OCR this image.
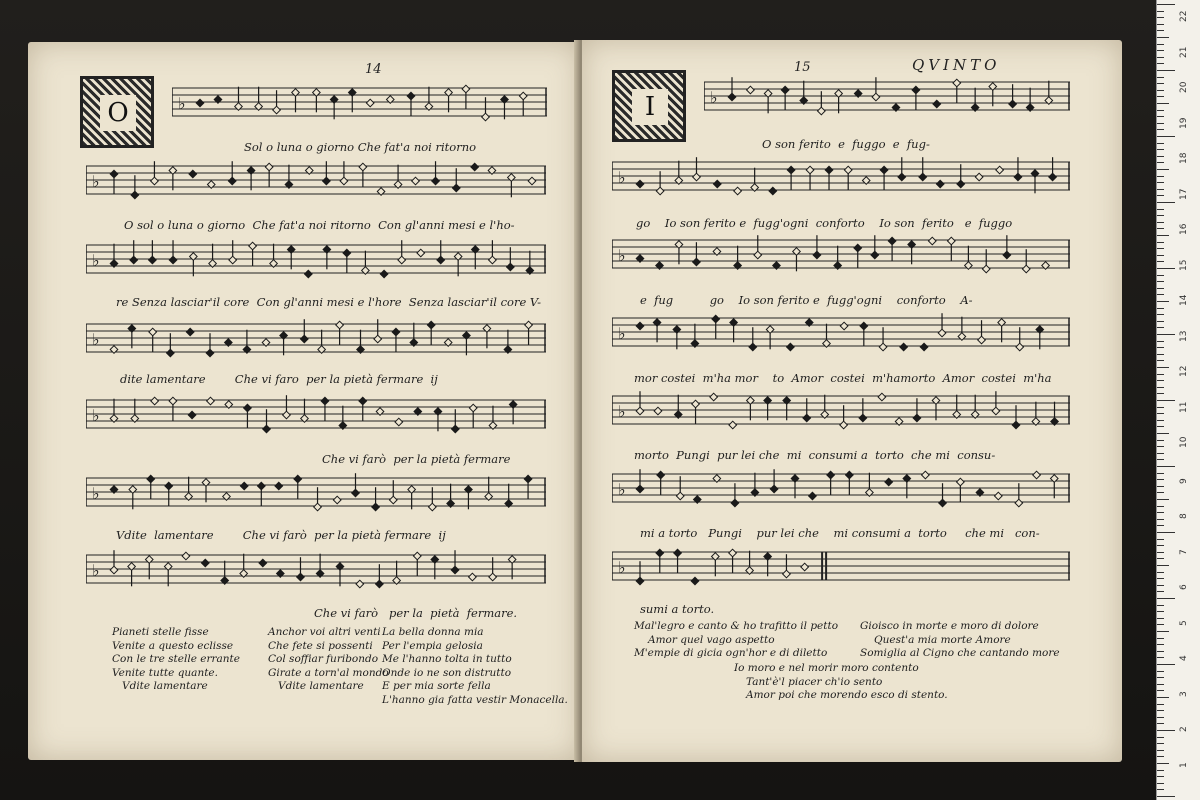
14
O	♭
Sol o luna o giorno Che fat'a noi ritorno
♭
O sol o luna o giorno  Che fat'a noi ritorno  Con gl'anni mesi e l'ho-
♭
re Senza lasciar'il core  Con gl'anni mesi e l'hore  Senza lasciar'il core V-
♭
dite lamentare        Che vi faro  per la pietà fermare  ij
♭
Che vi farò  per la pietà fermare
♭
Vdite  lamentare        Che vi farò  per la pietà fermare  ij
♭
Che vi farò   per la  pietà  fermare.
Pianeti stelle fisse
Venite a questo eclisse
Con le tre stelle errante
Venite tutte quante.
Vdite lamentare
Anchor voi altri venti
Che fete si possenti
Col soffiar furibondo
Girate a torn'al mondo
Vdite lamentare
La bella donna mia
Per l'empia gelosia
Me l'hanno tolta in tutto
Onde io ne son distrutto
E per mia sorte fella
L'hanno gia fatta vestir Monacella.
15	QVINTO
I	♭
O son ferito  e  fuggo  e  fug-
♭
go    Io son ferito e  fugg'ogni  conforto    Io son  ferito   e  fuggo
♭
e  fug          go    Io son ferito e  fugg'ogni    conforto    A-
♭
mor costei  m'ha mor    to  Amor  costei  m'hamorto  Amor  costei  m'ha
♭
morto  Pungi  pur lei che  mi  consumi a  torto  che mi  consu-
♭
mi a torto   Pungi    pur lei che    mi consumi a  torto     che mi   con-
♭
sumi a torto.
Mal'legro e canto & ho trafitto il petto
Amor quel vago aspetto
M'empie di gicia ogn'hor e di diletto
Gioisco in morte e moro di dolore
Quest'a mia morte Amore
Somiglia al Cigno che cantando more
Io moro e nel morir moro contento
Tant'è'l piacer ch'io sento
Amor poi che morendo esco di stento.
22
21
20
19
18
17
16
15
14
13
12
11
10
9
8
7
6
5
4
3
2
1
